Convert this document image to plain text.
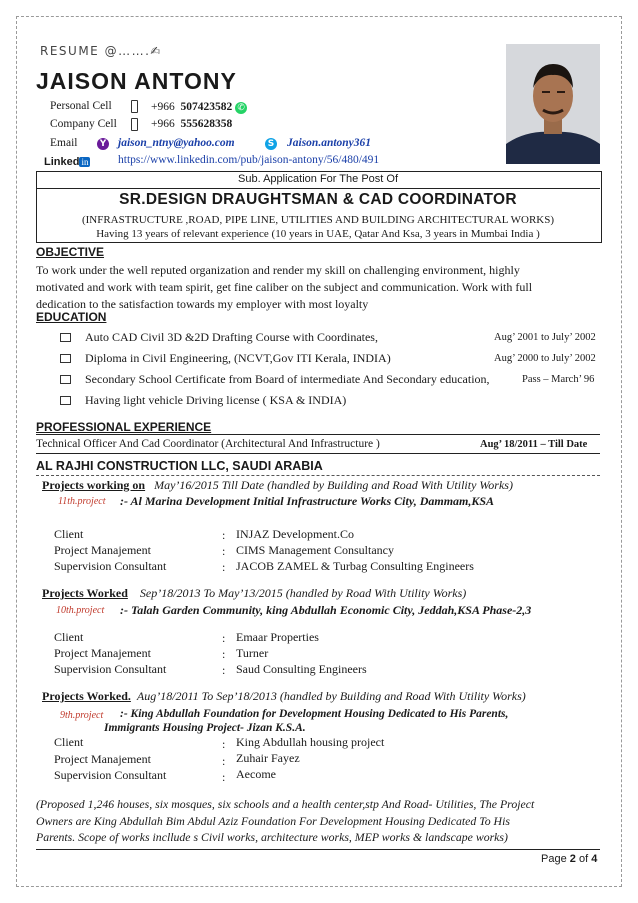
RESUME @…….✍
JAISON ANTONY
Personal Cell	+966 507423582 ✆
Company Cell	+966 555628358
Email	Y jaison_ntny@yahoo.com	S Jaison.antony361
Linked in	https://www.linkedin.com/pub/jaison-antony/56/480/491
Sub. Application For The Post Of
SR.DESIGN DRAUGHTSMAN & CAD COORDINATOR
(INFRASTRUCTURE ,ROAD, PIPE LINE, UTILITIES AND BUILDING ARCHITECTURAL WORKS)
Having 13 years of relevant experience (10 years in UAE, Qatar And Ksa, 3 years in Mumbai India )
OBJECTIVE
To work under the well reputed organization and render my skill on challenging environment, highly
motivated and work with team spirit, get fine caliber on the subject and communication. Work with full
dedication to the satisfaction towards my employer with most loyalty
EDUCATION
Auto CAD Civil 3D &2D Drafting Course with Coordinates,	Aug’ 2001 to July’ 2002
Diploma in Civil Engineering, (NCVT,Gov ITI Kerala, INDIA)	Aug’ 2000 to July’ 2002
Secondary School Certificate from Board of intermediate And Secondary education,	Pass – March’ 96
Having light vehicle Driving license ( KSA & INDIA)
PROFESSIONAL EXPERIENCE
Technical Officer And Cad Coordinator (Architectural And Infrastructure )	Aug’ 18/2011 – Till Date
AL RAJHI CONSTRUCTION LLC, SAUDI ARABIA
Projects working on May’16/2015 Till Date (handled by Building and Road With Utility Works)
11th.project :- Al Marina Development Initial Infrastructure Works City, Dammam,KSA
Client	: INJAZ Development.Co
Project Manajement	: CIMS Management Consultancy
Supervision Consultant	: JACOB ZAMEL & Turbag Consulting Engineers
Projects Worked Sep’18/2013 To May’13/2015 (handled by Road With Utility Works)
10th.project :- Talah Garden Community, king Abdullah Economic City, Jeddah,KSA Phase-2,3
Client	: Emaar Properties
Project Manajement	: Turner
Supervision Consultant	: Saud Consulting Engineers
Projects Worked. Aug’18/2011 To Sep’18/2013 (handled by Building and Road With Utility Works)
9th.project :- King Abdullah Foundation for Development Housing Dedicated to His Parents,
Immigrants Housing Project- Jizan K.S.A.
Client	: King Abdullah housing project
Project Manajement	: Zuhair Fayez
Supervision Consultant	: Aecome
(Proposed 1,246 houses, six mosques, six schools and a health center,stp And Road- Utilities, The Project
Owners are King Abdullah Bim Abdul Aziz Foundation For Development Housing Dedicated To His
Parents. Scope of works incllude s Civil works, architecture works, MEP works & landscape works)
Page 2 of 4
